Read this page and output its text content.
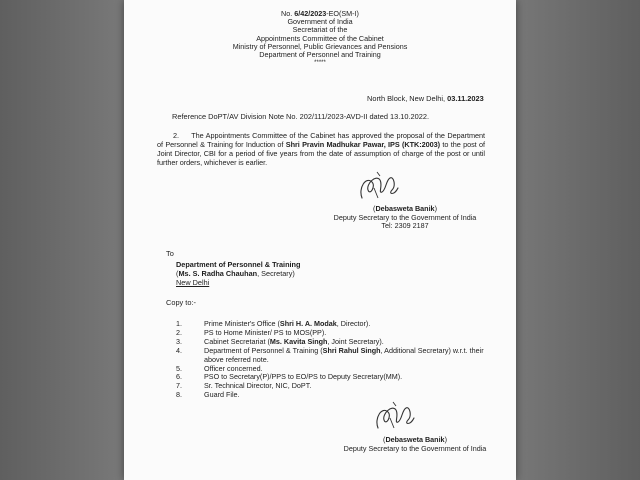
No. 6/42/2023-EO(SM-I)
Government of India
Secretariat of the
Appointments Committee of the Cabinet
Ministry of Personnel, Public Grievances and Pensions
Department of Personnel and Training
*****
North Block, New Delhi, 03.11.2023
Reference DoPT/AV Division Note No. 202/111/2023-AVD-II dated 13.10.2022.
2. The Appointments Committee of the Cabinet has approved the proposal of the Department of Personnel & Training for Induction of Shri Pravin Madhukar Pawar, IPS (KTK:2003) to the post of Joint Director, CBI for a period of five years from the date of assumption of charge of the post or until further orders, whichever is earlier.
(Debasweta Banik)
Deputy Secretary to the Government of India
Tel: 2309 2187
To
Department of Personnel & Training
(Ms. S. Radha Chauhan, Secretary)
New Delhi
Copy to:-
1.	Prime Minister's Office (Shri H. A. Modak, Director).
2.	PS to Home Minister/ PS to MOS(PP).
3.	Cabinet Secretariat (Ms. Kavita Singh, Joint Secretary).
4.	Department of Personnel & Training (Shri Rahul Singh, Additional Secretary) w.r.t. their above referred note.
5.	Officer concerned.
6.	PSO to Secretary(P)/PPS to EO/PS to Deputy Secretary(MM).
7.	Sr. Technical Director, NIC, DoPT.
8.	Guard File.
(Debasweta Banik)
Deputy Secretary to the Government of India
